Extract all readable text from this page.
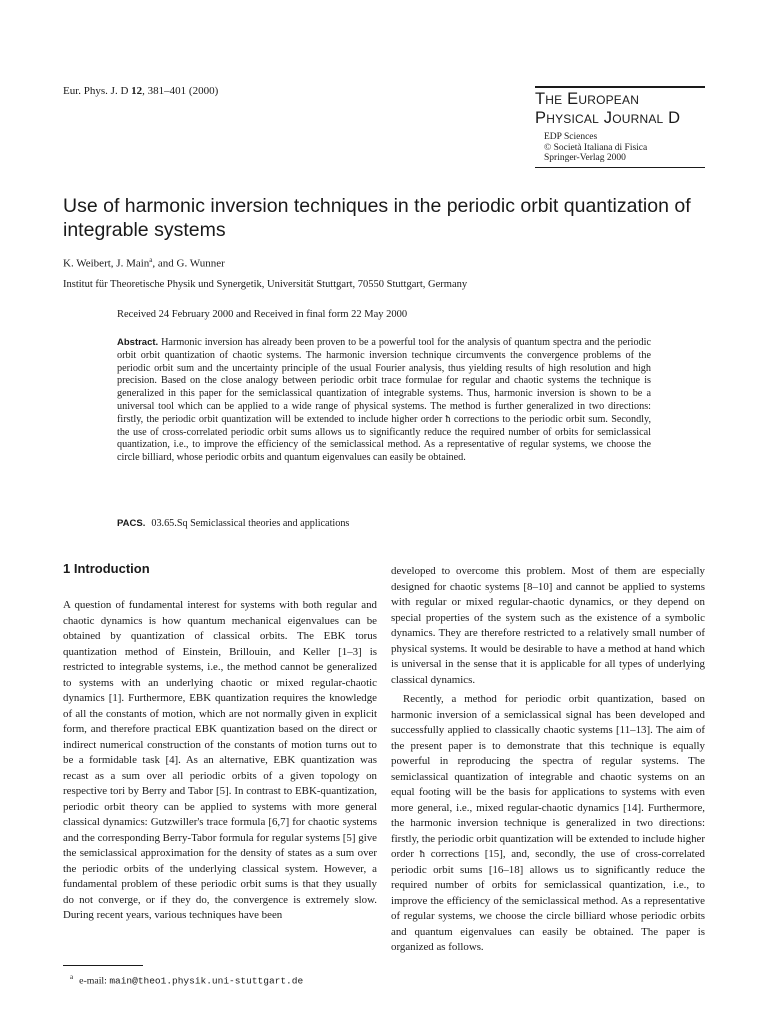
Eur. Phys. J. D 12, 381–401 (2000)	The European
Physical Journal D
EDP Sciences
© Società Italiana di Fisica
Springer-Verlag 2000
Use of harmonic inversion techniques in the periodic orbit quantization of integrable systems
K. Weibert, J. Main$^a$, and G. Wunner
Institut für Theoretische Physik und Synergetik, Universität Stuttgart, 70550 Stuttgart, Germany
Received 24 February 2000 and Received in final form 22 May 2000

Abstract. Harmonic inversion has already been proven to be a powerful tool for the analysis of quantum spectra and the periodic orbit orbit quantization of chaotic systems. The harmonic inversion technique circumvents the convergence problems of the periodic orbit sum and the uncertainty principle of the usual Fourier analysis, thus yielding results of high resolution and high precision. Based on the close analogy between periodic orbit trace formulae for regular and chaotic systems the technique is generalized in this paper for the semiclassical quantization of integrable systems. Thus, harmonic inversion is shown to be a universal tool which can be applied to a wide range of physical systems. The method is further generalized in two directions: firstly, the periodic orbit quantization will be extended to include higher order ħ corrections to the periodic orbit sum. Secondly, the use of cross-correlated periodic orbit sums allows us to significantly reduce the required number of orbits for semiclassical quantization, i.e., to improve the efficiency of the semiclassical method. As a representative of regular systems, we choose the circle billiard, whose periodic orbits and quantum eigenvalues can easily be obtained.

PACS. 03.65.Sq Semiclassical theories and applications
1 Introduction

A question of fundamental interest for systems with both regular and chaotic dynamics is how quantum mechanical eigenvalues can be obtained by quantization of classical orbits. The EBK torus quantization method of Einstein, Brillouin, and Keller [1–3] is restricted to integrable systems, i.e., the method cannot be generalized to systems with an underlying chaotic or mixed regular-chaotic dynamics [1]. Furthermore, EBK quantization requires the knowledge of all the constants of motion, which are not normally given in explicit form, and therefore practical EBK quantization based on the direct or indirect numerical construction of the constants of motion turns out to be a formidable task [4]. As an alternative, EBK quantization was recast as a sum over all periodic orbits of a given topology on respective tori by Berry and Tabor [5]. In contrast to EBK-quantization, periodic orbit theory can be applied to systems with more general classical dynamics: Gutzwiller's trace formula [6,7] for chaotic systems and the corresponding Berry-Tabor formula for regular systems [5] give the semiclassical approximation for the density of states as a sum over the periodic orbits of the underlying classical system. However, a fundamental problem of these periodic orbit sums is that they usually do not converge, or if they do, the convergence is extremely slow. During recent years, various techniques have been

developed to overcome this problem. Most of them are especially designed for chaotic systems [8–10] and cannot be applied to systems with regular or mixed regular-chaotic dynamics, or they depend on special properties of the system such as the existence of a symbolic dynamics. They are therefore restricted to a relatively small number of physical systems. It would be desirable to have a method at hand which is universal in the sense that it is applicable for all types of underlying classical dynamics.

Recently, a method for periodic orbit quantization, based on harmonic inversion of a semiclassical signal has been developed and successfully applied to classically chaotic systems [11–13]. The aim of the present paper is to demonstrate that this technique is equally powerful in reproducing the spectra of regular systems. The semiclassical quantization of integrable and chaotic systems on an equal footing will be the basis for applications to systems with even more general, i.e., mixed regular-chaotic dynamics [14]. Furthermore, the harmonic inversion technique is generalized in two directions: firstly, the periodic orbit quantization will be extended to include higher order ħ corrections [15], and, secondly, the use of cross-correlated periodic orbit sums [16–18] allows us to significantly reduce the required number of orbits for semiclassical quantization, i.e., to improve the efficiency of the semiclassical method. As a representative of regular systems, we choose the circle billiard whose periodic orbits and quantum eigenvalues can easily be obtained. The paper is organized as follows.

$^a$ e-mail: main@theo1.physik.uni-stuttgart.de
